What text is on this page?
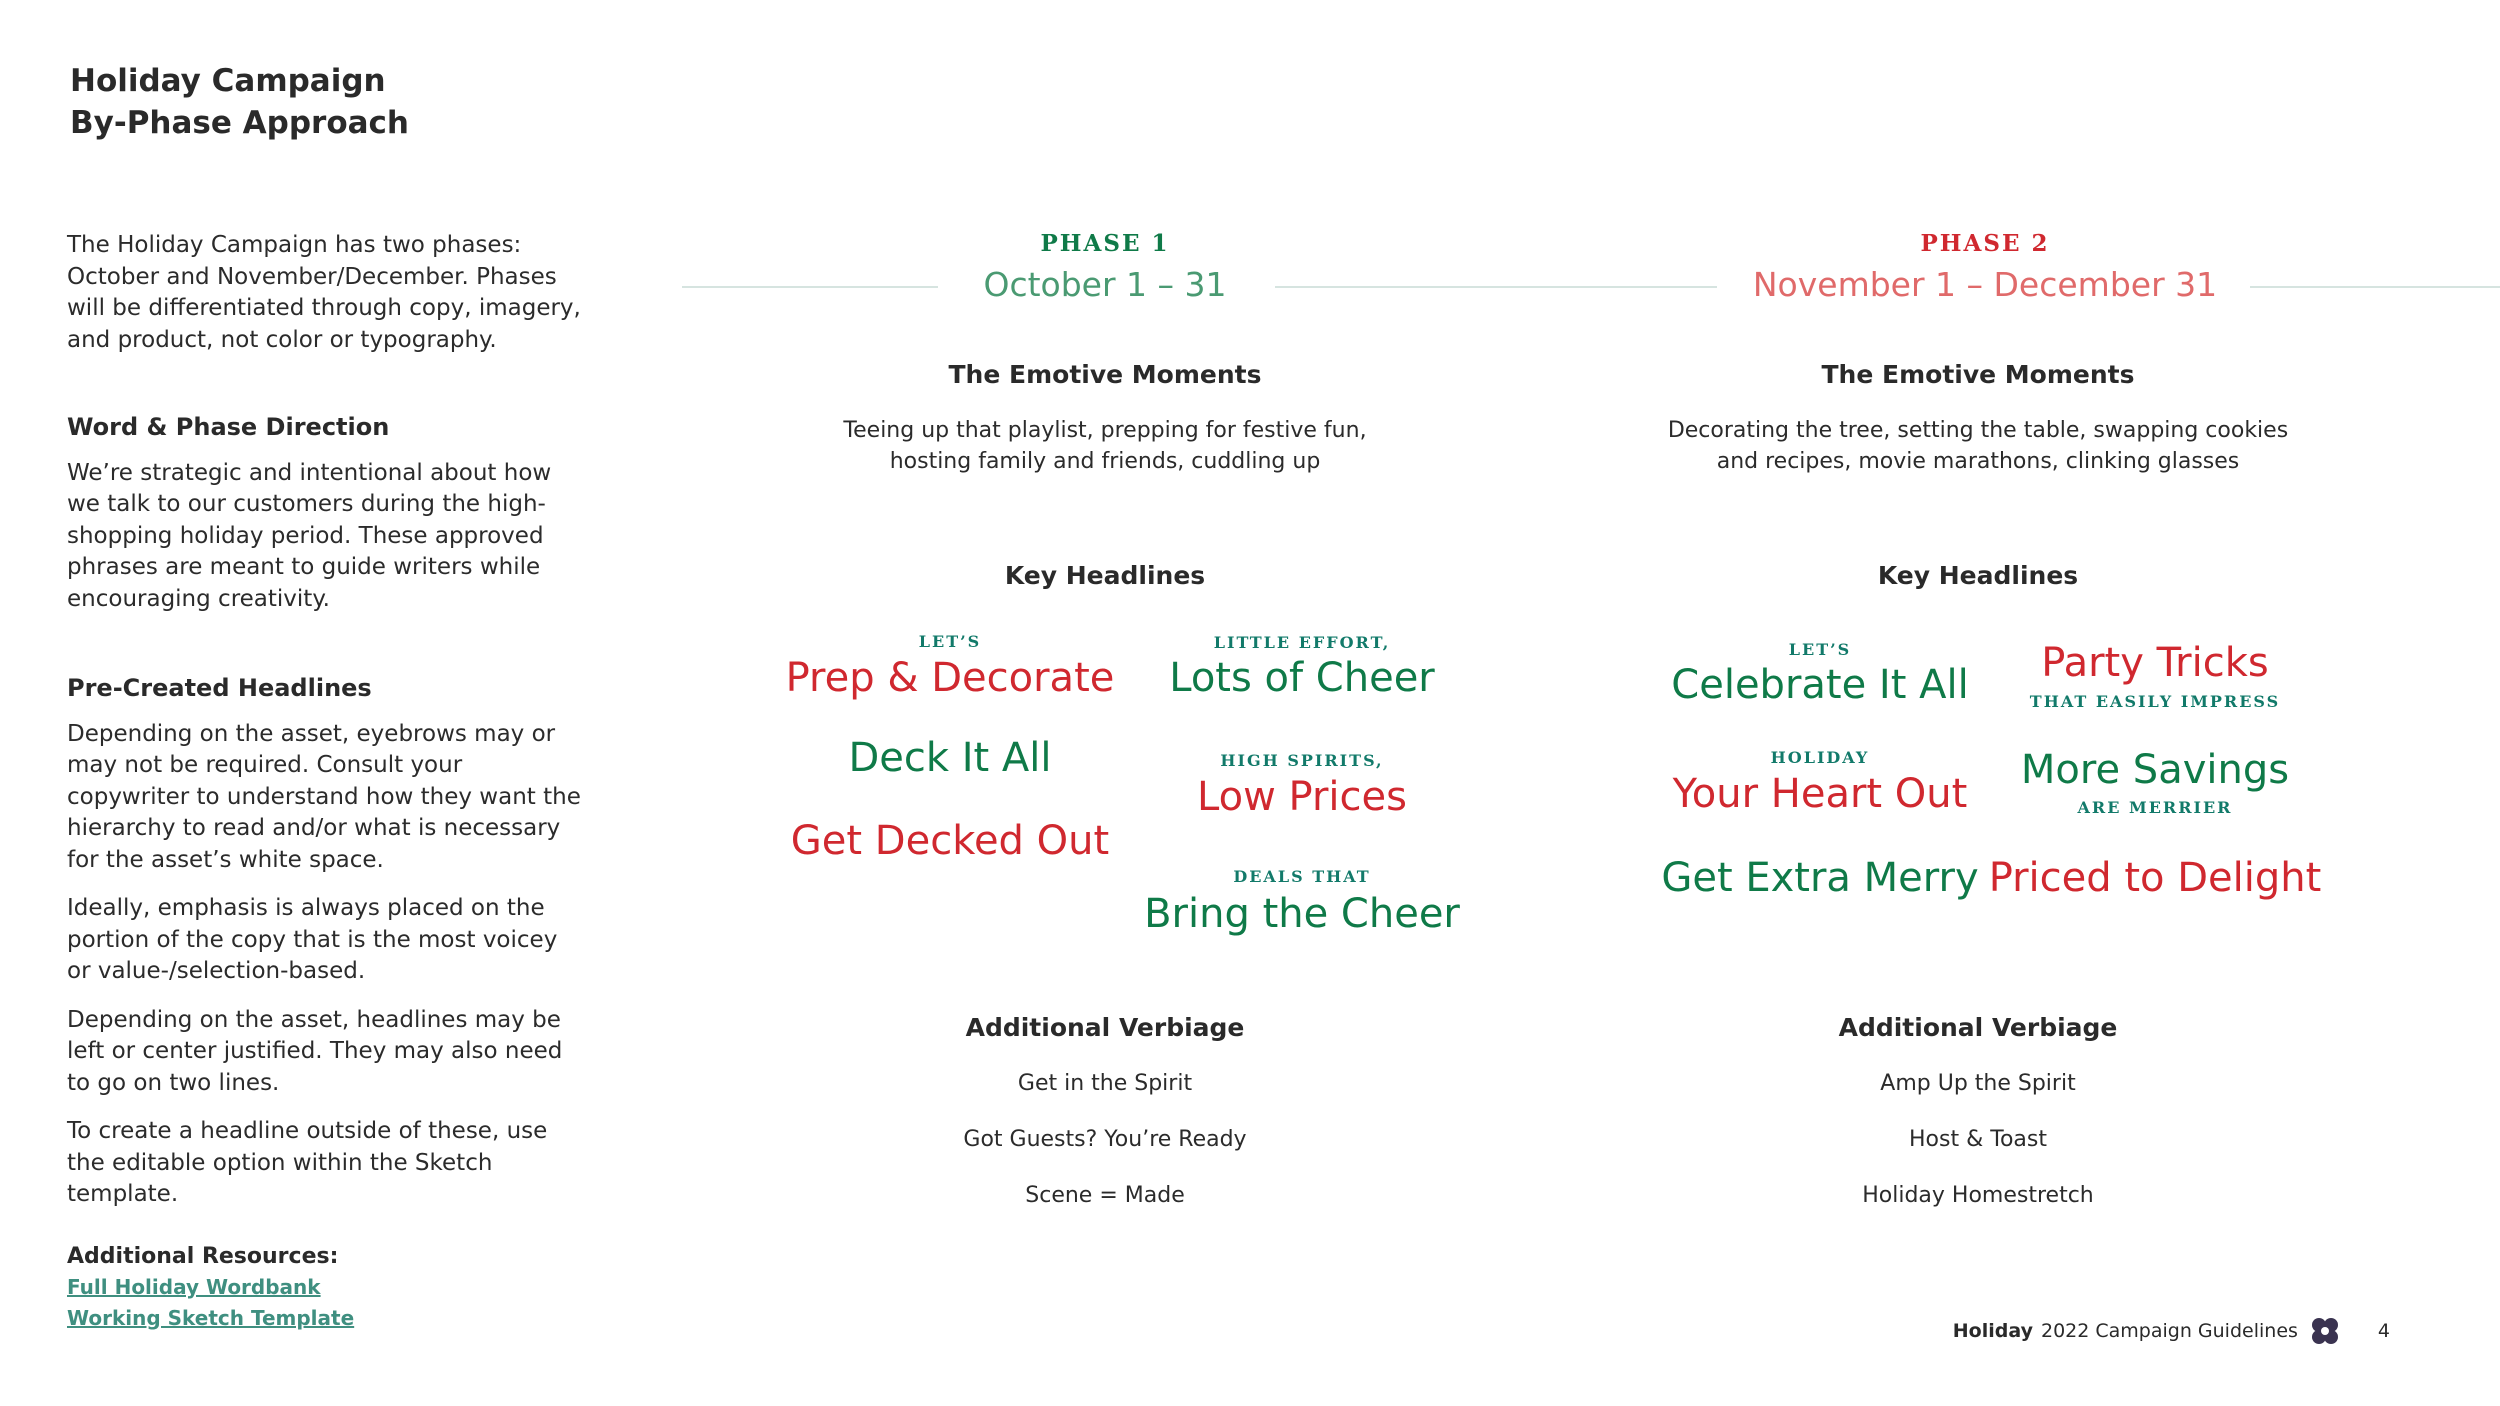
Holiday Campaign
By-Phase Approach

The Holiday Campaign has two phases: October and November/December. Phases will be differentiated through copy, imagery, and product, not color or typography.

Word & Phase Direction

We’re strategic and intentional about how we talk to our customers during the high-shopping holiday period. These approved phrases are meant to guide writers while encouraging creativity.

Pre-Created Headlines

Depending on the asset, eyebrows may or may not be required. Consult your copywriter to understand how they want the hierarchy to read and/or what is necessary for the asset’s white space.

Ideally, emphasis is always placed on the portion of the copy that is the most voicey or value-/selection-based.

Depending on the asset, headlines may be left or center justified. They may also need to go on two lines.

To create a headline outside of these, use the editable option within the Sketch template.

Additional Resources:
Full Holiday Wordbank
Working Sketch Template
PHASE 1
October 1 – 31
The Emotive Moments
Teeing up that playlist, prepping for festive fun,
hosting family and friends, cuddling up
Key Headlines
LET’S
Prep & Decorate
Deck It All
Get Decked Out
LITTLE EFFORT,
Lots of Cheer
HIGH SPIRITS,
Low Prices
DEALS THAT
Bring the Cheer
Additional Verbiage
Get in the Spirit
Got Guests? You’re Ready
Scene = Made
PHASE 2
November 1 – December 31
The Emotive Moments
Decorating the tree, setting the table, swapping cookies
and recipes, movie marathons, clinking glasses
Key Headlines
LET’S
Celebrate It All
HOLIDAY
Your Heart Out
Get Extra Merry
Party Tricks
THAT EASILY IMPRESS
More Savings
ARE MERRIER
Priced to Delight
Additional Verbiage
Amp Up the Spirit
Host & Toast
Holiday Homestretch
Holiday 2022 Campaign Guidelines	4
